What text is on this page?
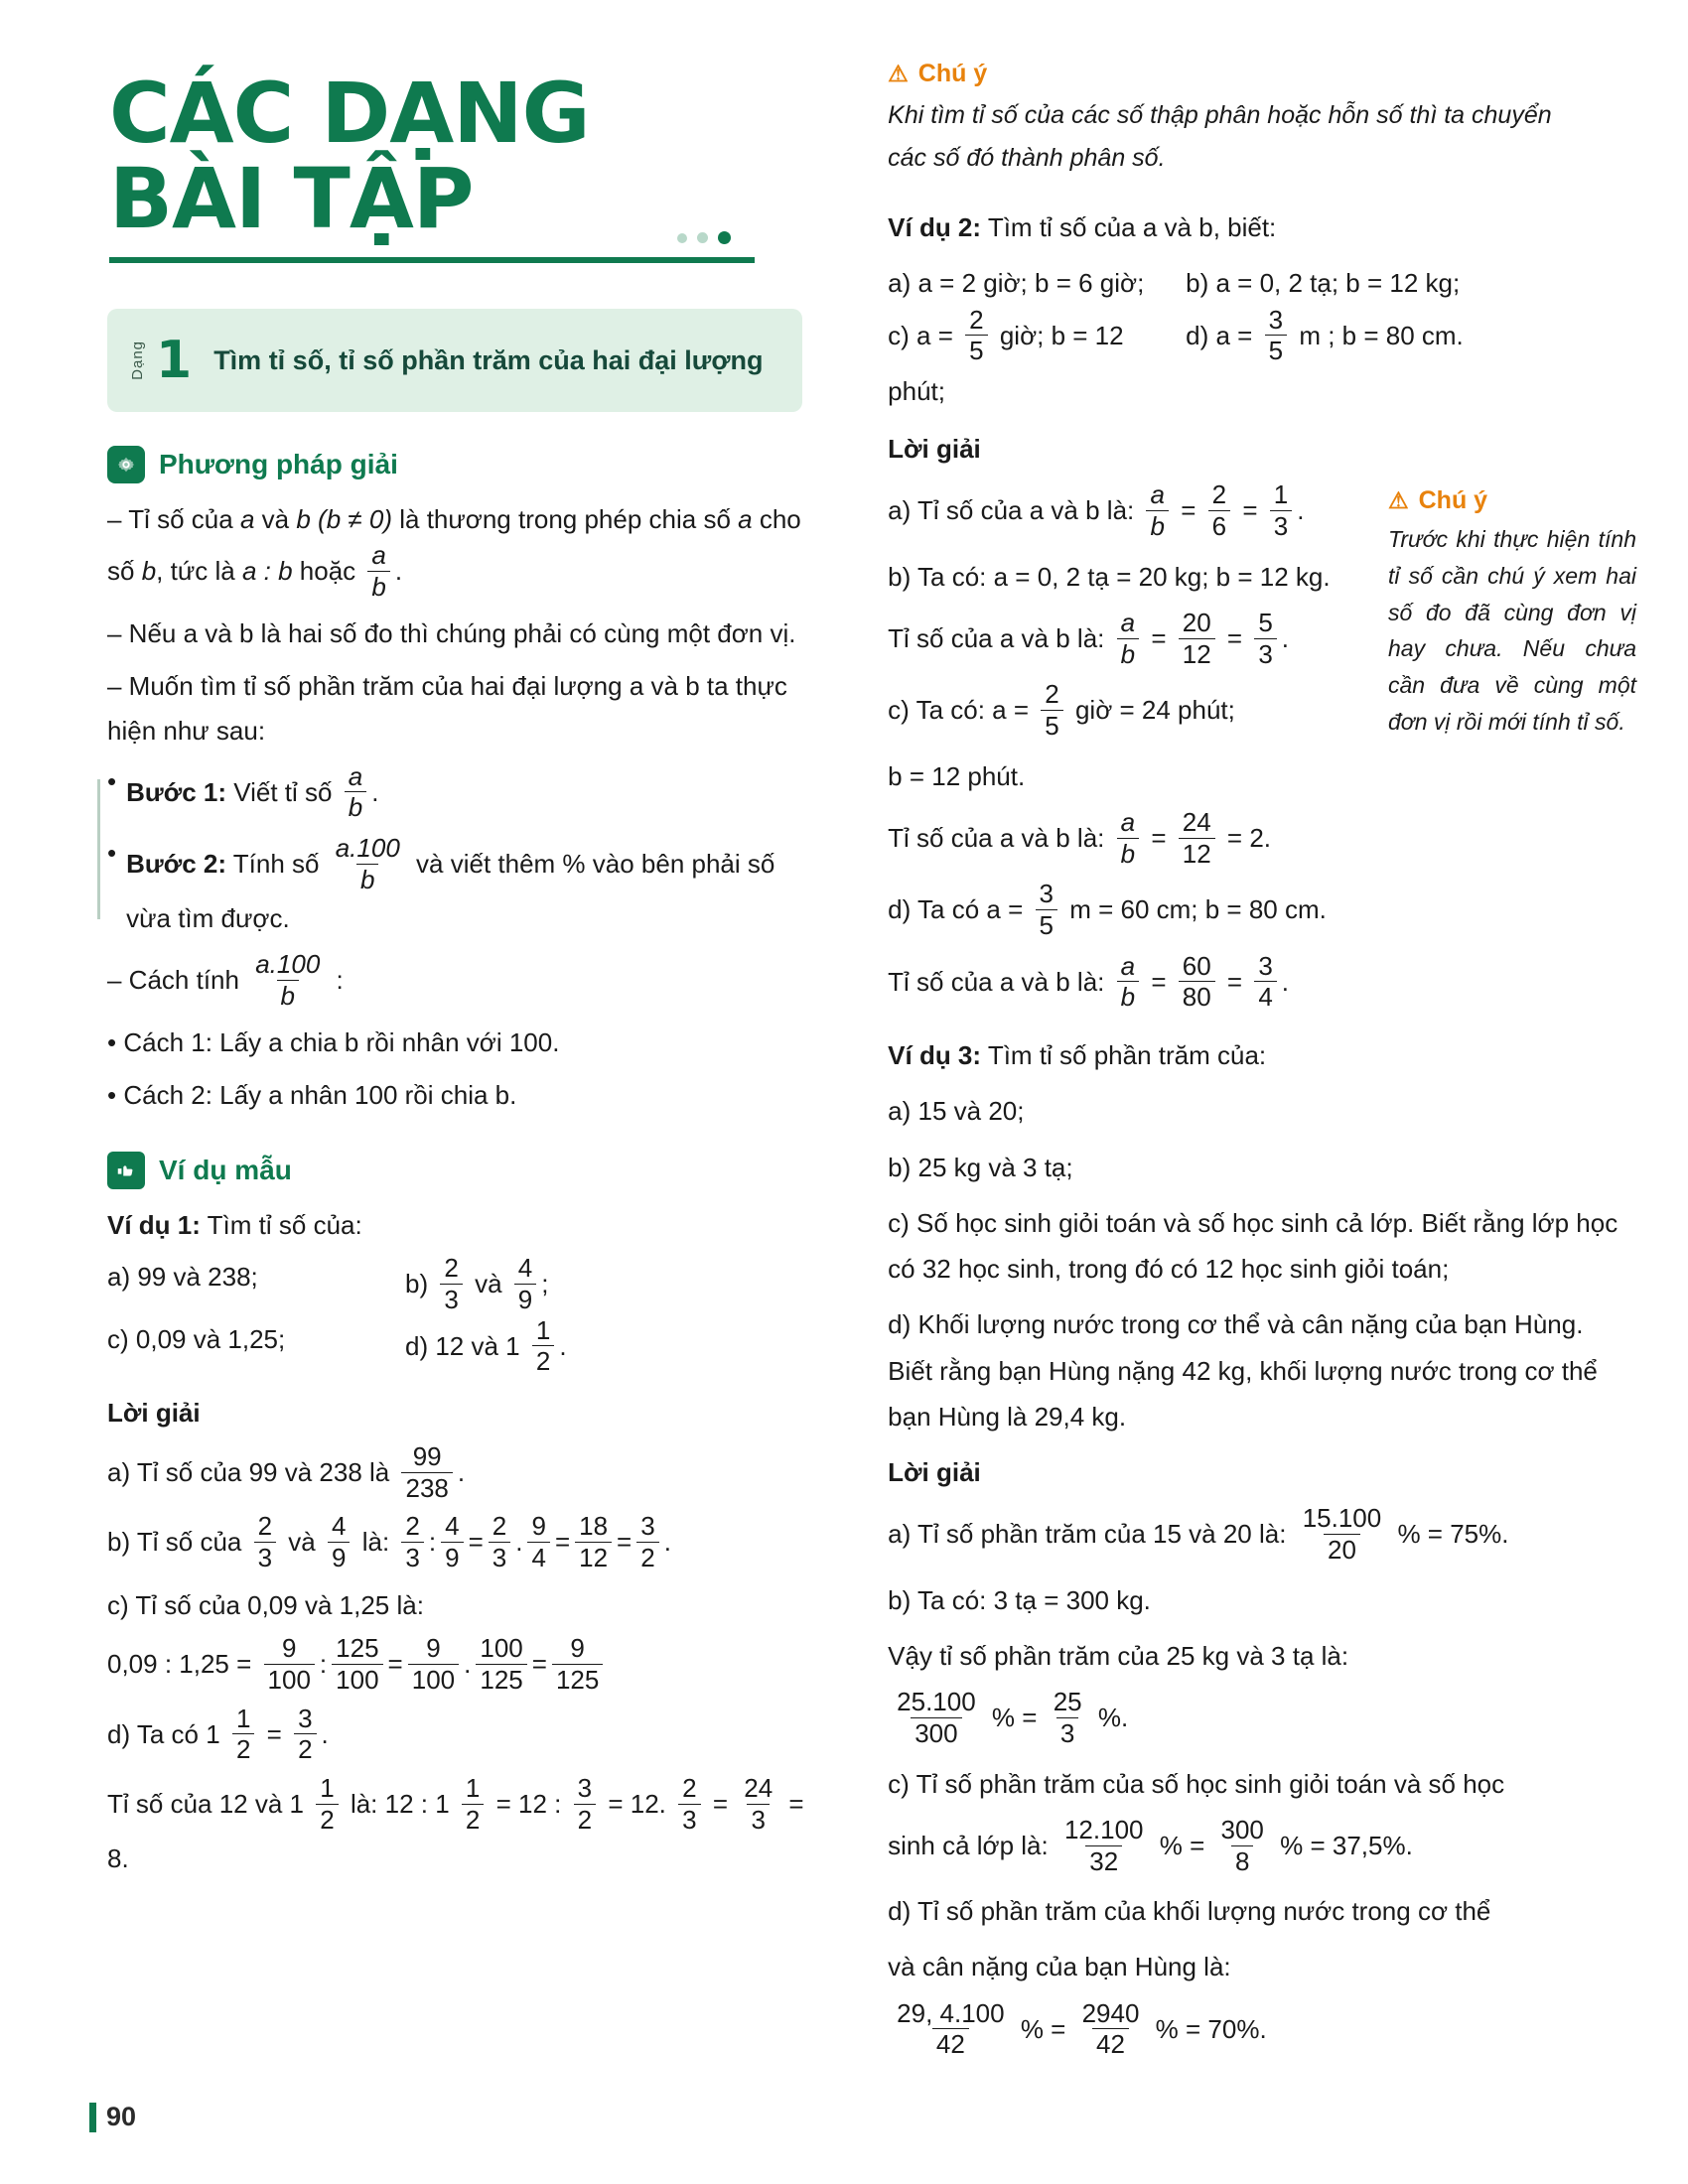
CÁC DẠNG
BÀI TẬP
Dạng 1 Tìm tỉ số, tỉ số phần trăm của hai đại lượng
Phương pháp giải

– Tỉ số của a và b (b ≠ 0) là thương trong phép chia số a cho số b, tức là a : b hoặc $\frac{a}{b}$ .

– Nếu a và b là hai số đo thì chúng phải có cùng một đơn vị.

– Muốn tìm tỉ số phần trăm của hai đại lượng a và b ta thực hiện như sau:

• Bước 1: Viết tỉ số $\frac{a}{b}$ .
• Bước 2: Tính số $\frac{a.100}{b}$ và viết thêm % vào bên phải số vừa tìm được.

– Cách tính $\frac{a.100}{b}$ :

• Cách 1: Lấy a chia b rồi nhân với 100.

• Cách 2: Lấy a nhân 100 rồi chia b.

Ví dụ mẫu

Ví dụ 1: Tìm tỉ số của:

a) 99 và 238;	$b) \frac{2}{3}$ và $\frac{4}{9}$ ;
c) 0,09 và 1,25;	d) 12 và $1 \frac{1}{2}$ .

Lời giải

a) Tỉ số của 99 và 238 là $\frac{99}{238}$ .

b) Tỉ số của $\frac{2}{3}$ và $\frac{4}{9}$ là: $\frac{2}{3}$ : $\frac{4}{9} = \frac{2}{3}$ . $\frac{9}{4} = \frac{18}{12} = \frac{3}{2}$ .

c) Tỉ số của 0,09 và 1,25 là:

0,09 : $1,25 = \frac{9}{100}$ : $\frac{125}{100} = \frac{9}{100}$ . $\frac{100}{125} = \frac{9}{125}$

d) Ta có $1 \frac{1}{2} = \frac{3}{2}$ .

Tỉ số của 12 và $1 \frac{1}{2}$ là: 12 : $1 \frac{1}{2} = 12$ : $\frac{3}{2} = 12$. $\frac{2}{3} = \frac{24}{3} = 8$.

⚠ Chú ý
Khi tìm tỉ số của các số thập phân hoặc hỗn số thì ta chuyển các số đó thành phân số.
⚠ Chú ý
Trước khi thực hiện tính tỉ số cần chú ý xem hai số đo đã cùng đơn vị hay chưa. Nếu chưa cần đưa về cùng một đơn vị rồi mới tính tỉ số.

Ví dụ 2: Tìm tỉ số của a và b, biết:

a) a = 2 giờ; b = 6 giờ;	b) a = 0, 2 tạ; b = 12 kg;
c) $a = \frac{2}{5}$ giờ; b = 12 phút;
d) $a = \frac{3}{5}$ m ; b = 80 cm.

Lời giải

a) Tỉ số của a và b là: $\frac{a}{b} = \frac{2}{6} = \frac{1}{3}$ .

b) Ta có: a = 0, 2 tạ = 20 kg; b = 12 kg.

Tỉ số của a và b là: $\frac{a}{b} = \frac{20}{12} = \frac{5}{3}$ .

c) Ta có: $a = \frac{2}{5}$ giờ = 24 phút;

b = 12 phút.

Tỉ số của a và b là: $\frac{a}{b} = \frac{24}{12} = 2$.

d) Ta có $a = \frac{3}{5}$ m = 60 cm; b = 80 cm.

Tỉ số của a và b là: $\frac{a}{b} = \frac{60}{80} = \frac{3}{4}$ .

Ví dụ 3: Tìm tỉ số phần trăm của:

a) 15 và 20;

b) 25 kg và 3 tạ;

c) Số học sinh giỏi toán và số học sinh cả lớp. Biết rằng lớp học có 32 học sinh, trong đó có 12 học sinh giỏi toán;

d) Khối lượng nước trong cơ thể và cân nặng của bạn Hùng. Biết rằng bạn Hùng nặng 42 kg, khối lượng nước trong cơ thể bạn Hùng là 29,4 kg.

Lời giải

a) Tỉ số phần trăm của 15 và 20 là: $\frac{15.100}{20}$ % = 75%.

b) Ta có: 3 tạ = 300 kg.

Vậy tỉ số phần trăm của 25 kg và 3 tạ là:

$\frac{25.100}{300}$ % = $\frac{25}{3}$ %.

c) Tỉ số phần trăm của số học sinh giỏi toán và số học

sinh cả lớp là: $\frac{12.100}{32}$ % = $\frac{300}{8}$ % = 37,5%.

d) Tỉ số phần trăm của khối lượng nước trong cơ thể

và cân nặng của bạn Hùng là:

$\frac{29, 4.100}{42}$ % = $\frac{2940}{42}$ % = 70%.

90
